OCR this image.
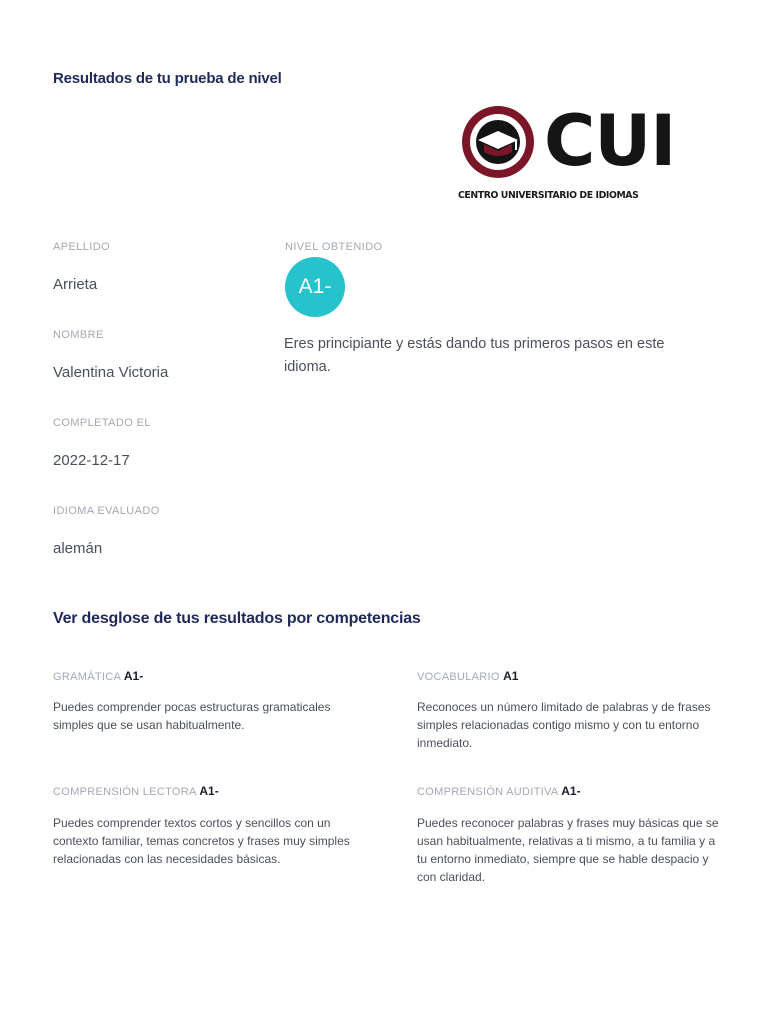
Resultados de tu prueba de nivel
CUI
CENTRO UNIVERSITARIO DE IDIOMAS
APELLIDO
Arrieta
NOMBRE
Valentina Victoria
COMPLETADO EL
2022-12-17
IDIOMA EVALUADO
alemán
NIVEL OBTENIDO
A1-
Eres principiante y estás dando tus primeros pasos en este idioma.
Ver desglose de tus resultados por competencias
GRAMÁTICA A1-
Puedes comprender pocas estructuras gramaticales simples que se usan habitualmente.
VOCABULARIO A1
Reconoces un número limitado de palabras y de frases simples relacionadas contigo mismo y con tu entorno inmediato.
COMPRENSIÓN LECTORA A1-
Puedes comprender textos cortos y sencillos con un contexto familiar, temas concretos y frases muy simples relacionadas con las necesidades básicas.
COMPRENSIÓN AUDITIVA A1-
Puedes reconocer palabras y frases muy básicas que se usan habitualmente, relativas a ti mismo, a tu familia y a tu entorno inmediato, siempre que se hable despacio y con claridad.
